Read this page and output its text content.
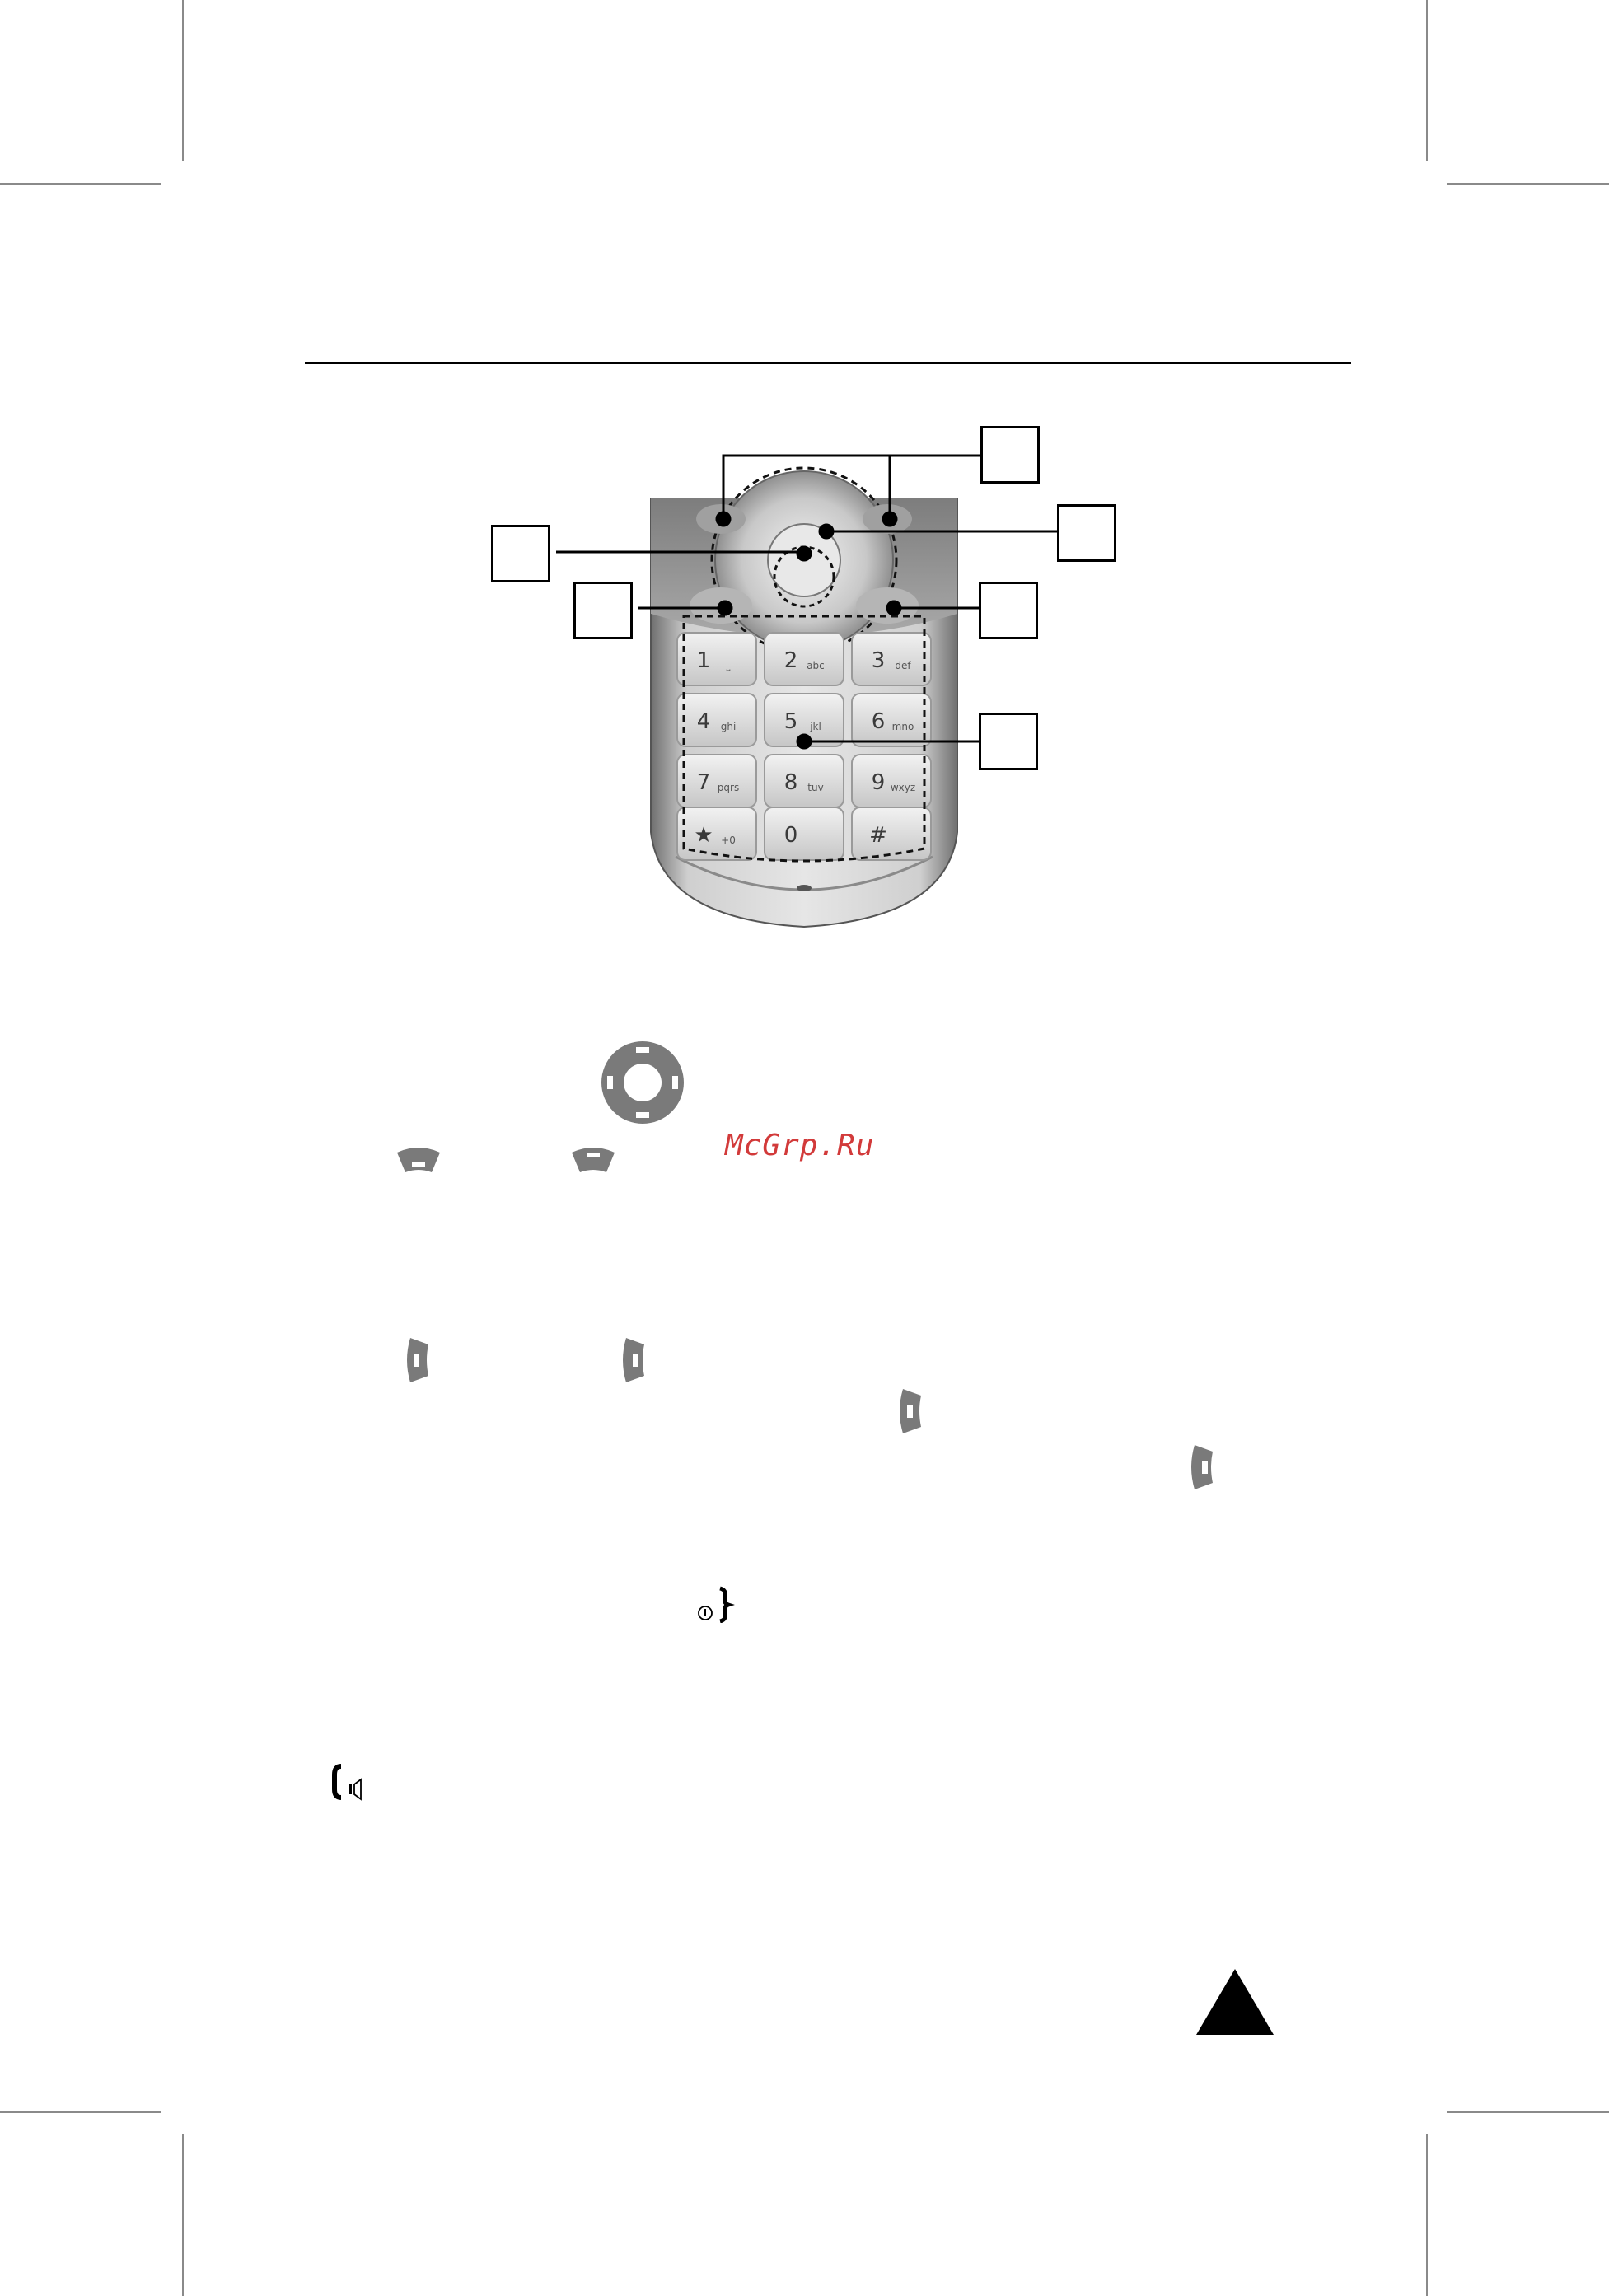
1 ⎵	2 abc 3 def
4 ghi 5 jkl 6 mno
7 pqrs 8 tuv 9 wxyz
★ +0 0	#
McGrp.Ru
